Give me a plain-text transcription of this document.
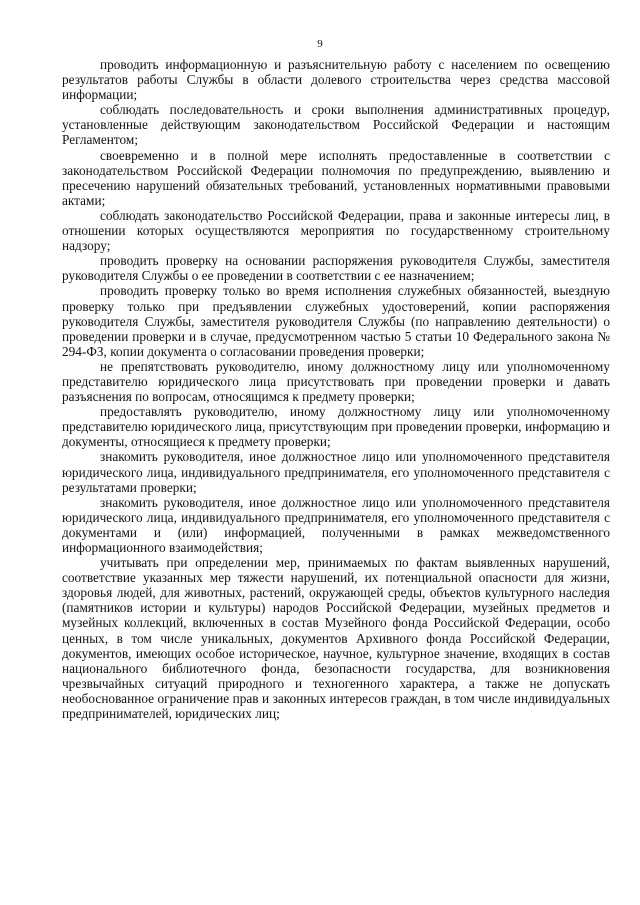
9

проводить информационную и разъяснительную работу с населением по освещению результатов работы Службы в области долевого строительства через средства массовой информации;

соблюдать последовательность и сроки выполнения административных процедур, установленные действующим законодательством Российской Федерации и настоящим Регламентом;

своевременно и в полной мере исполнять предоставленные в соответствии с законодательством Российской Федерации полномочия по предупреждению, выявлению и пресечению нарушений обязательных требований, установленных нормативными правовыми актами;

соблюдать законодательство Российской Федерации, права и законные интересы лиц, в отношении которых осуществляются мероприятия по государственному строительному надзору;

проводить проверку на основании распоряжения руководителя Службы, заместителя руководителя Службы о ее проведении в соответствии с ее назначением;

проводить проверку только во время исполнения служебных обязанностей, выездную проверку только при предъявлении служебных удостоверений, копии распоряжения руководителя Службы, заместителя руководителя Службы (по направлению деятельности) о проведении проверки и в случае, предусмотренном частью 5 статьи 10 Федерального закона № 294-ФЗ, копии документа о согласовании проведения проверки;

не препятствовать руководителю, иному должностному лицу или уполномоченному представителю юридического лица присутствовать при проведении проверки и давать разъяснения по вопросам, относящимся к предмету проверки;

предоставлять руководителю, иному должностному лицу или уполномоченному представителю юридического лица, присутствующим при проведении проверки, информацию и документы, относящиеся к предмету проверки;

знакомить руководителя, иное должностное лицо или уполномоченного представителя юридического лица, индивидуального предпринимателя, его уполномоченного представителя с результатами проверки;

знакомить руководителя, иное должностное лицо или уполномоченного представителя юридического лица, индивидуального предпринимателя, его уполномоченного представителя с документами и (или) информацией, полученными в рамках межведомственного информационного взаимодействия;

учитывать при определении мер, принимаемых по фактам выявленных нарушений, соответствие указанных мер тяжести нарушений, их потенциальной опасности для жизни, здоровья людей, для животных, растений, окружающей среды, объектов культурного наследия (памятников истории и культуры) народов Российской Федерации, музейных предметов и музейных коллекций, включенных в состав Музейного фонда Российской Федерации, особо ценных, в том числе уникальных, документов Архивного фонда Российской Федерации, документов, имеющих особое историческое, научное, культурное значение, входящих в состав национального библиотечного фонда, безопасности государства, для возникновения чрезвычайных ситуаций природного и техногенного характера, а также не допускать необоснованное ограничение прав и законных интересов граждан, в том числе индивидуальных предпринимателей, юридических лиц;
